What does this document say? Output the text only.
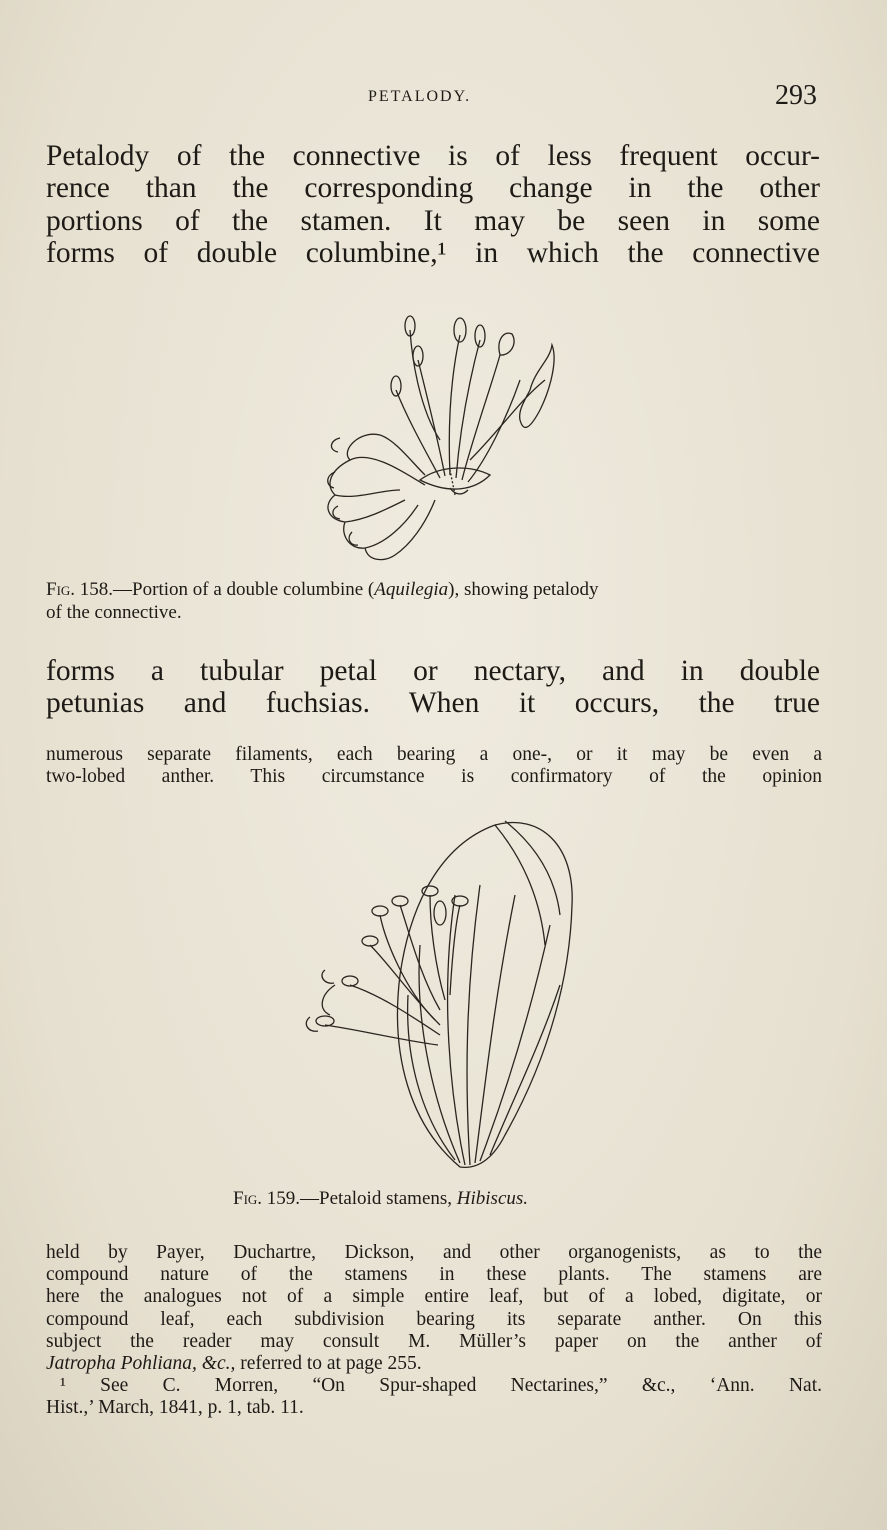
PETALODY.	293
Petalody of the connective is of less frequent occur-
rence than the corresponding change in the other
portions of the stamen. It may be seen in some
forms of double columbine,¹ in which the connective
Fig. 158.—Portion of a double columbine (Aquilegia), showing petalody
of the connective.
forms a tubular petal or nectary, and in double
petunias and fuchsias. When it occurs, the true
numerous separate filaments, each bearing a one-, or it may be even a
two-lobed anther. This circumstance is confirmatory of the opinion
Fig. 159.—Petaloid stamens, Hibiscus.
held by Payer, Duchartre, Dickson, and other organogenists, as to the
compound nature of the stamens in these plants. The stamens are
here the analogues not of a simple entire leaf, but of a lobed, digitate, or
compound leaf, each subdivision bearing its separate anther. On this
subject the reader may consult M. Müller’s paper on the anther of
Jatropha Pohliana, &c., referred to at page 255.
¹ See C. Morren, “On Spur-shaped Nectarines,” &c., ‘Ann. Nat.
Hist.,’ March, 1841, p. 1, tab. 11.
